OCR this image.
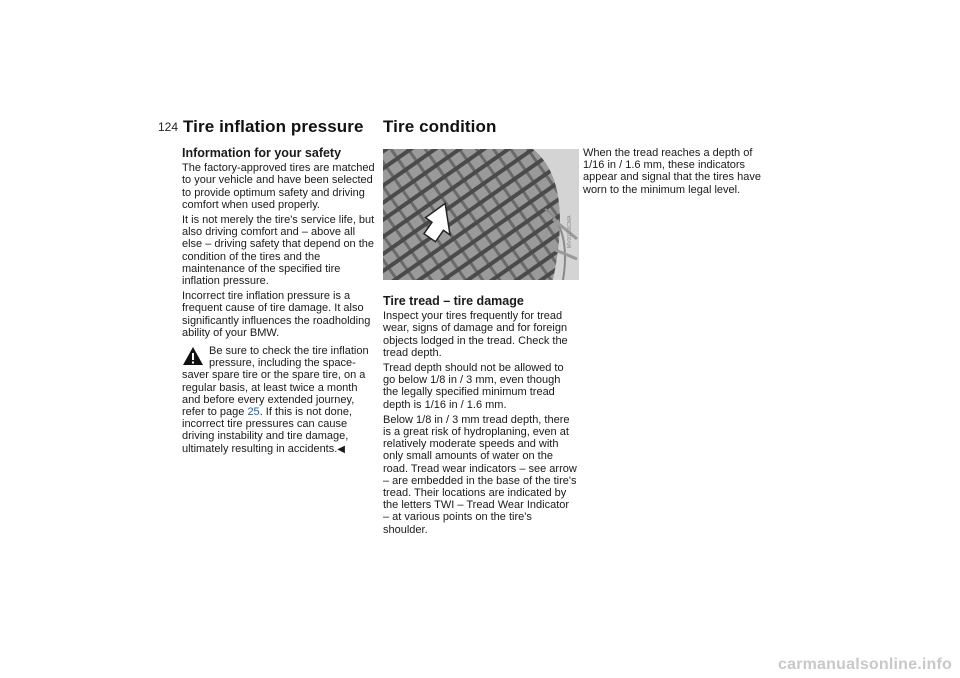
124 Tire inflation pressure Tire condition
Information for your safety

The factory-approved tires are matched to your vehicle and have been selected to provide optimum safety and driving comfort when used properly.

It is not merely the tire's service life, but also driving comfort and – above all else – driving safety that depend on the condition of the tires and the maintenance of the specified tire inflation pressure.

Incorrect tire inflation pressure is a frequent cause of tire damage. It also significantly influences the roadholding ability of your BMW.

Be sure to check the tire inflation
pressure, including the space-
saver spare tire or the spare tire, on a regular basis, at least twice a month and before every extended journey, refer to page 25. If this is not done, incorrect tire pressures can cause driving instability and tire damage, ultimately resulting in accidents.◀
MV00156CMA
Tire tread – tire damage

Inspect your tires frequently for tread wear, signs of damage and for foreign objects lodged in the tread. Check the tread depth.

Tread depth should not be allowed to go below 1/8 in / 3 mm, even though the legally specified minimum tread depth is 1/16 in / 1.6 mm.

Below 1/8 in / 3 mm tread depth, there is a great risk of hydroplaning, even at relatively moderate speeds and with only small amounts of water on the road. Tread wear indicators – see arrow – are embedded in the base of the tire's tread. Their locations are indicated by the letters TWI – Tread Wear Indicator – at various points on the tire's shoulder.

When the tread reaches a depth of 1/16 in / 1.6 mm, these indicators appear and signal that the tires have worn to the minimum legal level.

carmanualsonline.info
